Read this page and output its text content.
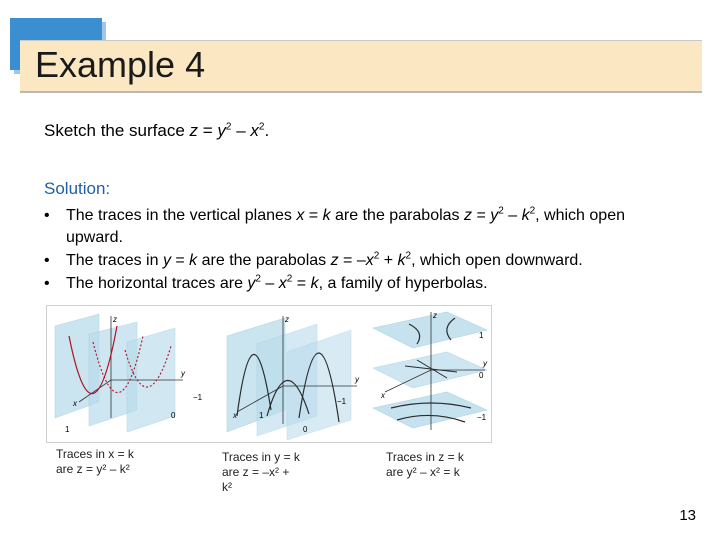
Example 4
Sketch the surface $z = y^2 - x^2$.
Solution:
• The traces in the vertical planes x = k are the parabolas $z = y^2 - k^2$, which open upward.
• The traces in y = k are the parabolas $z = -x^2 + k^2$, which open downward.
• The horizontal traces are $y^2 - x^2 = k$, a family of hyperbolas.
z
x
y
1
0
−1
z
x
y
1
0
−1
z
x
y
1
0
−1
Traces in x = k
are z = y² – k²
Traces in y = k
are z = –x² +
k²
Traces in z = k
are y² – x² = k
13
